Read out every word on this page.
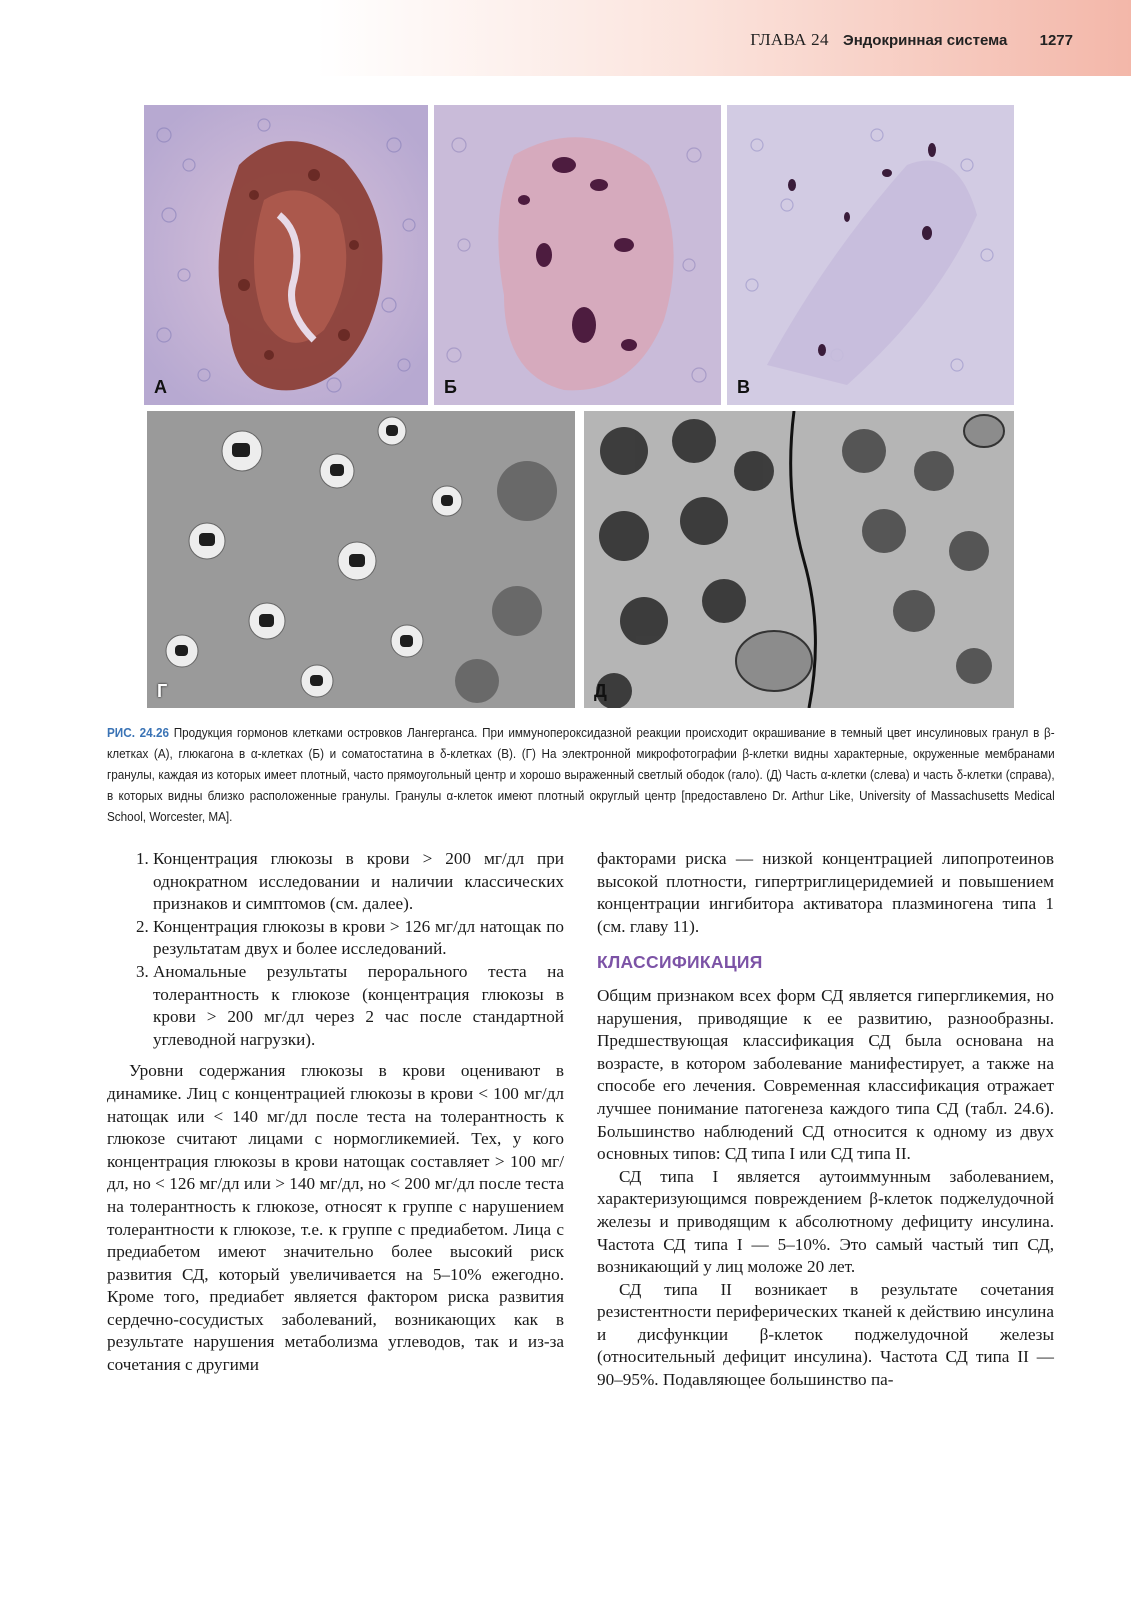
ГЛАВА 24 Эндокринная система 1277
А	Б	В
Г	Д
РИС. 24.26 Продукция гормонов клетками островков Лангерганса. При иммунопероксидазной реакции происходит окрашивание в темный цвет инсулиновых гранул в β-клетках (А), глюкагона в α-клетках (Б) и соматостатина в δ-клетках (В). (Г) На электронной микрофотографии β-клетки видны характерные, окруженные мембранами гранулы, каждая из которых имеет плотный, часто прямоугольный центр и хорошо выраженный светлый ободок (гало). (Д) Часть α-клетки (слева) и часть δ-клетки (справа), в которых видны близко расположенные гранулы. Гранулы α-клеток имеют плотный округлый центр [предоставлено Dr. Arthur Like, University of Massachusetts Medical School, Worcester, MA].
1. Концентрация глюкозы в крови > 200 мг/дл при однократном исследовании и наличии классических признаков и симптомов (см. далее).
2. Концентрация глюкозы в крови > 126 мг/дл натощак по результатам двух и более исследований.
3. Аномальные результаты перорального теста на толерантность к глюкозе (концентрация глюкозы в крови > 200 мг/дл через 2 час после стандартной углеводной нагрузки).

Уровни содержания глюкозы в крови оценивают в динамике. Лиц с концентрацией глюкозы в крови < 100 мг/дл натощак или < 140 мг/дл после теста на толерантность к глюкозе считают лицами с нормогликемией. Тех, у кого концентрация глюкозы в крови натощак составляет > 100 мг/дл, но < 126 мг/дл или > 140 мг/дл, но < 200 мг/дл после теста на толерантность к глюкозе, относят к группе с нарушением толерантности к глюкозе, т.е. к группе с предиабетом. Лица с предиабетом имеют значительно более высокий риск развития СД, который увеличивается на 5–10% ежегодно. Кроме того, предиабет является фактором риска развития сердечно-сосудистых заболеваний, возникающих как в результате нарушения метаболизма углеводов, так и из-за сочетания с другими

факторами риска — низкой концентрацией липопротеинов высокой плотности, гипертриглицеридемией и повышением концентрации ингибитора активатора плазминогена типа 1 (см. главу 11).

КЛАССИФИКАЦИЯ

Общим признаком всех форм СД является гипергликемия, но нарушения, приводящие к ее развитию, разнообразны. Предшествующая классификация СД была основана на возрасте, в котором заболевание манифестирует, а также на способе его лечения. Современная классификация отражает лучшее понимание патогенеза каждого типа СД (табл. 24.6). Большинство наблюдений СД относится к одному из двух основных типов: СД типа I или СД типа II.

СД типа I является аутоиммунным заболеванием, характеризующимся повреждением β-клеток поджелудочной железы и приводящим к абсолютному дефициту инсулина. Частота СД типа I — 5–10%. Это самый частый тип СД, возникающий у лиц моложе 20 лет.

СД типа II возникает в результате сочетания резистентности периферических тканей к действию инсулина и дисфункции β-клеток поджелудочной железы (относительный дефицит инсулина). Частота СД типа II — 90–95%. Подавляющее большинство па-
